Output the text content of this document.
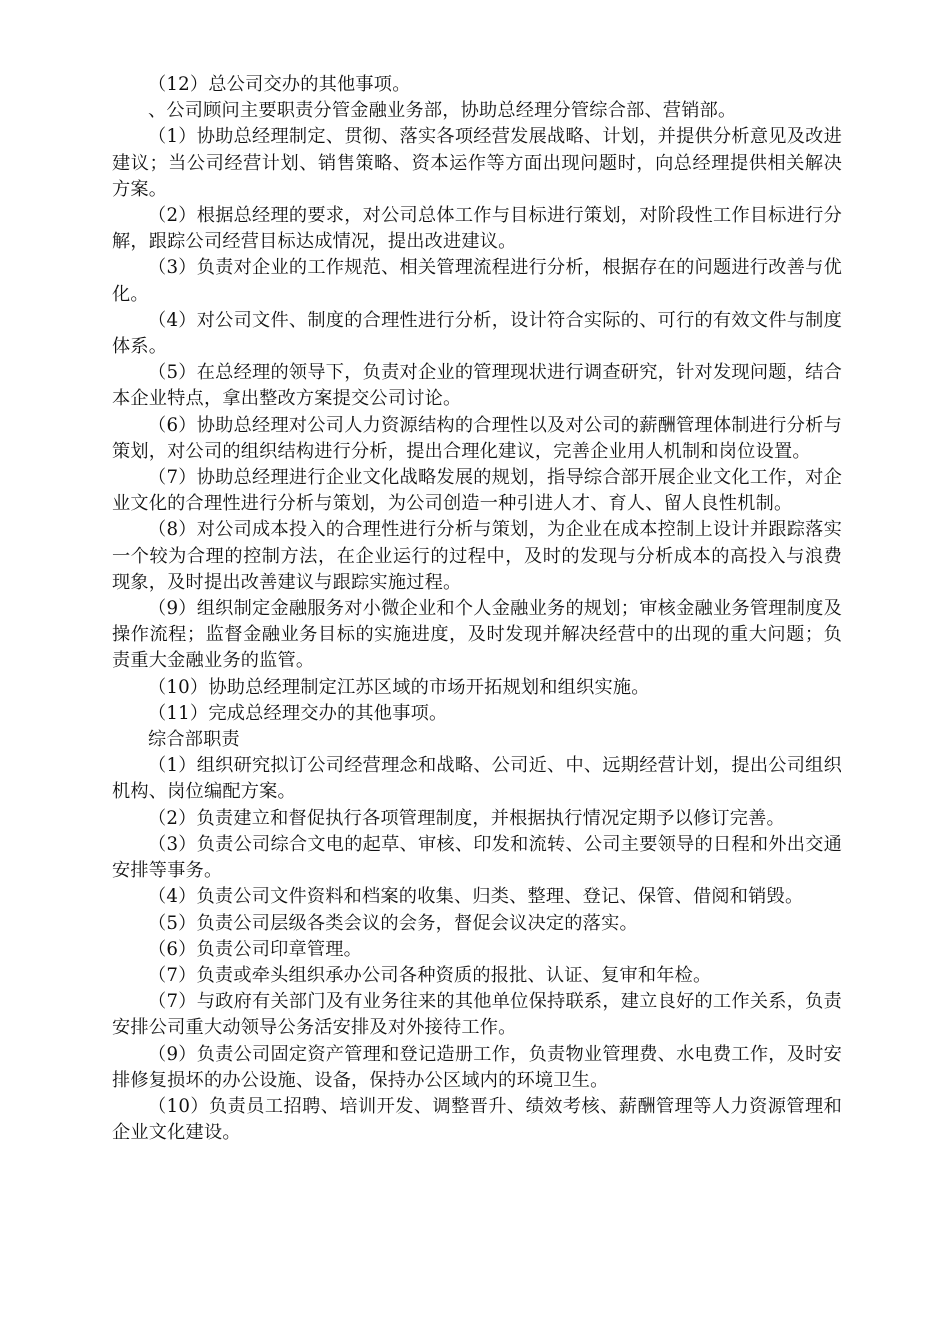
（12）总公司交办的其他事项。

、公司顾问主要职责分管金融业务部，协助总经理分管综合部、营销部。

（1）协助总经理制定、贯彻、落实各项经营发展战略、计划，并提供分析意见及改进建议；当公司经营计划、销售策略、资本运作等方面出现问题时，向总经理提供相关解决方案。

（2）根据总经理的要求，对公司总体工作与目标进行策划，对阶段性工作目标进行分解，跟踪公司经营目标达成情况，提出改进建议。

（3）负责对企业的工作规范、相关管理流程进行分析，根据存在的问题进行改善与优化。

（4）对公司文件、制度的合理性进行分析，设计符合实际的、可行的有效文件与制度体系。

（5）在总经理的领导下，负责对企业的管理现状进行调查研究，针对发现问题，结合本企业特点，拿出整改方案提交公司讨论。

（6）协助总经理对公司人力资源结构的合理性以及对公司的薪酬管理体制进行分析与策划，对公司的组织结构进行分析，提出合理化建议，完善企业用人机制和岗位设置。

（7）协助总经理进行企业文化战略发展的规划，指导综合部开展企业文化工作，对企业文化的合理性进行分析与策划，为公司创造一种引进人才、育人、留人良性机制。

（8）对公司成本投入的合理性进行分析与策划，为企业在成本控制上设计并跟踪落实一个较为合理的控制方法，在企业运行的过程中，及时的发现与分析成本的高投入与浪费现象，及时提出改善建议与跟踪实施过程。

（9）组织制定金融服务对小微企业和个人金融业务的规划；审核金融业务管理制度及操作流程；监督金融业务目标的实施进度，及时发现并解决经营中的出现的重大问题；负责重大金融业务的监管。

（10）协助总经理制定江苏区域的市场开拓规划和组织实施。

（11）完成总经理交办的其他事项。

综合部职责

（1）组织研究拟订公司经营理念和战略、公司近、中、远期经营计划，提出公司组织机构、岗位编配方案。

（2）负责建立和督促执行各项管理制度，并根据执行情况定期予以修订完善。

（3）负责公司综合文电的起草、审核、印发和流转、公司主要领导的日程和外出交通安排等事务。

（4）负责公司文件资料和档案的收集、归类、整理、登记、保管、借阅和销毁。

（5）负责公司层级各类会议的会务，督促会议决定的落实。

（6）负责公司印章管理。

（7）负责或牵头组织承办公司各种资质的报批、认证、复审和年检。

（7）与政府有关部门及有业务往来的其他单位保持联系，建立良好的工作关系，负责安排公司重大动领导公务活安排及对外接待工作。

（9）负责公司固定资产管理和登记造册工作，负责物业管理费、水电费工作，及时安排修复损坏的办公设施、设备，保持办公区域内的环境卫生。

（10）负责员工招聘、培训开发、调整晋升、绩效考核、薪酬管理等人力资源管理和企业文化建设。
